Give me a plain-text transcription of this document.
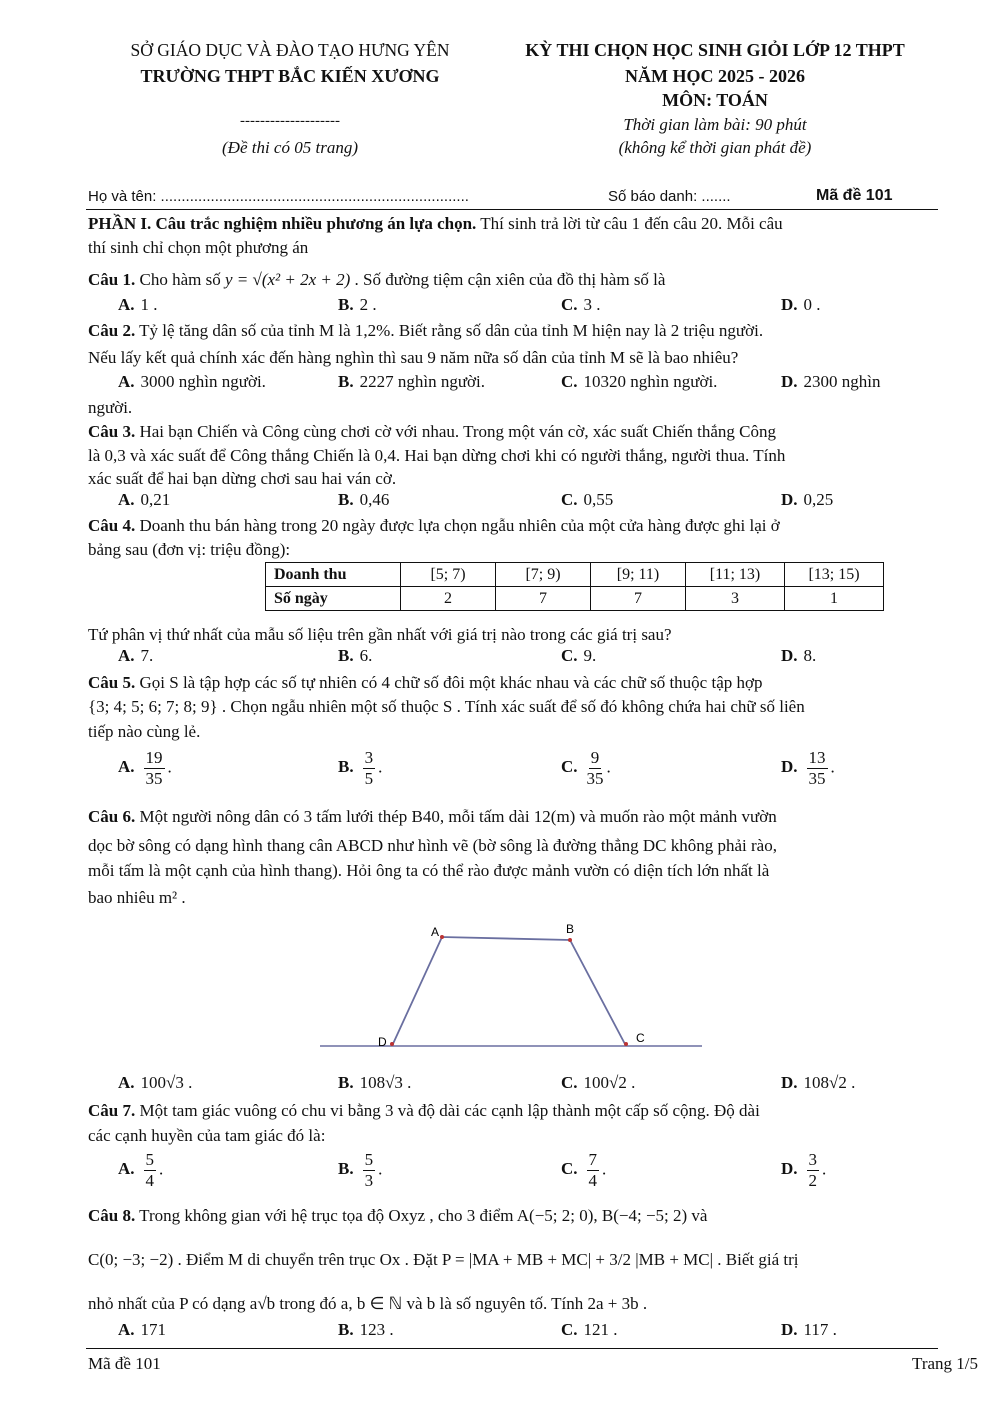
SỞ GIÁO DỤC VÀ ĐÀO TẠO HƯNG YÊN
TRƯỜNG THPT BẮC KIẾN XƯƠNG
--------------------
(Đề thi có 05 trang)
KỲ THI CHỌN HỌC SINH GIỎI LỚP 12 THPT
NĂM HỌC 2025 - 2026
MÔN: TOÁN
Thời gian làm bài: 90 phút
(không kể thời gian phát đề)
Họ và tên: ..........................................................................	Số báo danh: .......	Mã đề 101
PHẦN I. Câu trắc nghiệm nhiều phương án lựa chọn. Thí sinh trả lời từ câu 1 đến câu 20. Mỗi câu
thí sinh chỉ chọn một phương án
Câu 1. Cho hàm số y = √(x² + 2x + 2) . Số đường tiệm cận xiên của đồ thị hàm số là
A. 1 .	B. 2 .	C. 3 .	D. 0 .
Câu 2. Tỷ lệ tăng dân số của tỉnh M là 1,2%. Biết rằng số dân của tỉnh M hiện nay là 2 triệu người.
Nếu lấy kết quả chính xác đến hàng nghìn thì sau 9 năm nữa số dân của tỉnh M sẽ là bao nhiêu?
A. 3000 nghìn người.	B. 2227 nghìn người.	C. 10320 nghìn người.	D. 2300 nghìn
người.
Câu 3. Hai bạn Chiến và Công cùng chơi cờ với nhau. Trong một ván cờ, xác suất Chiến thắng Công
là 0,3 và xác suất để Công thắng Chiến là 0,4. Hai bạn dừng chơi khi có người thắng, người thua. Tính
xác suất để hai bạn dừng chơi sau hai ván cờ.
A. 0,21	B. 0,46	C. 0,55	D. 0,25
Câu 4. Doanh thu bán hàng trong 20 ngày được lựa chọn ngẫu nhiên của một cửa hàng được ghi lại ở
bảng sau (đơn vị: triệu đồng):
Doanh thu	[5; 7)	[7; 9)	[9; 11)	[11; 13)	[13; 15)
Số ngày	2	7	7	3	1
Tứ phân vị thứ nhất của mẫu số liệu trên gần nhất với giá trị nào trong các giá trị sau?
A. 7.	B. 6.	C. 9.	D. 8.
Câu 5. Gọi S là tập hợp các số tự nhiên có 4 chữ số đôi một khác nhau và các chữ số thuộc tập hợp
{3; 4; 5; 6; 7; 8; 9} . Chọn ngẫu nhiên một số thuộc S . Tính xác suất để số đó không chứa hai chữ số liên
tiếp nào cùng lẻ.
A. $\frac{19}{35}$ .	B. $\frac{3}{5}$ .	C. $\frac{9}{35}$ .	D. $\frac{13}{35}$ .
Câu 6. Một người nông dân có 3 tấm lưới thép B40, mỗi tấm dài 12(m) và muốn rào một mảnh vườn
dọc bờ sông có dạng hình thang cân ABCD như hình vẽ (bờ sông là đường thẳng DC không phải rào,
mỗi tấm là một cạnh của hình thang). Hỏi ông ta có thể rào được mảnh vườn có diện tích lớn nhất là
bao nhiêu m² .
A	B
C
D
A. 100√3 .	B. 108√3 .	C. 100√2 .	D. 108√2 .
Câu 7. Một tam giác vuông có chu vi bằng 3 và độ dài các cạnh lập thành một cấp số cộng. Độ dài
các cạnh huyền của tam giác đó là:
A. $\frac{5}{4}$ .	B. $\frac{5}{3}$ .	C. $\frac{7}{4}$ .	D. $\frac{3}{2}$ .
Câu 8. Trong không gian với hệ trục tọa độ Oxyz , cho 3 điểm A(−5; 2; 0), B(−4; −5; 2) và
C(0; −3; −2) . Điểm M di chuyển trên trục Ox . Đặt P = |MA + MB + MC| + 3/2 |MB + MC| . Biết giá trị
nhỏ nhất của P có dạng a√b trong đó a, b ∈ ℕ và b là số nguyên tố. Tính 2a + 3b .
A. 171	B. 123 .	C. 121 .	D. 117 .
Mã đề 101	Trang 1/5
